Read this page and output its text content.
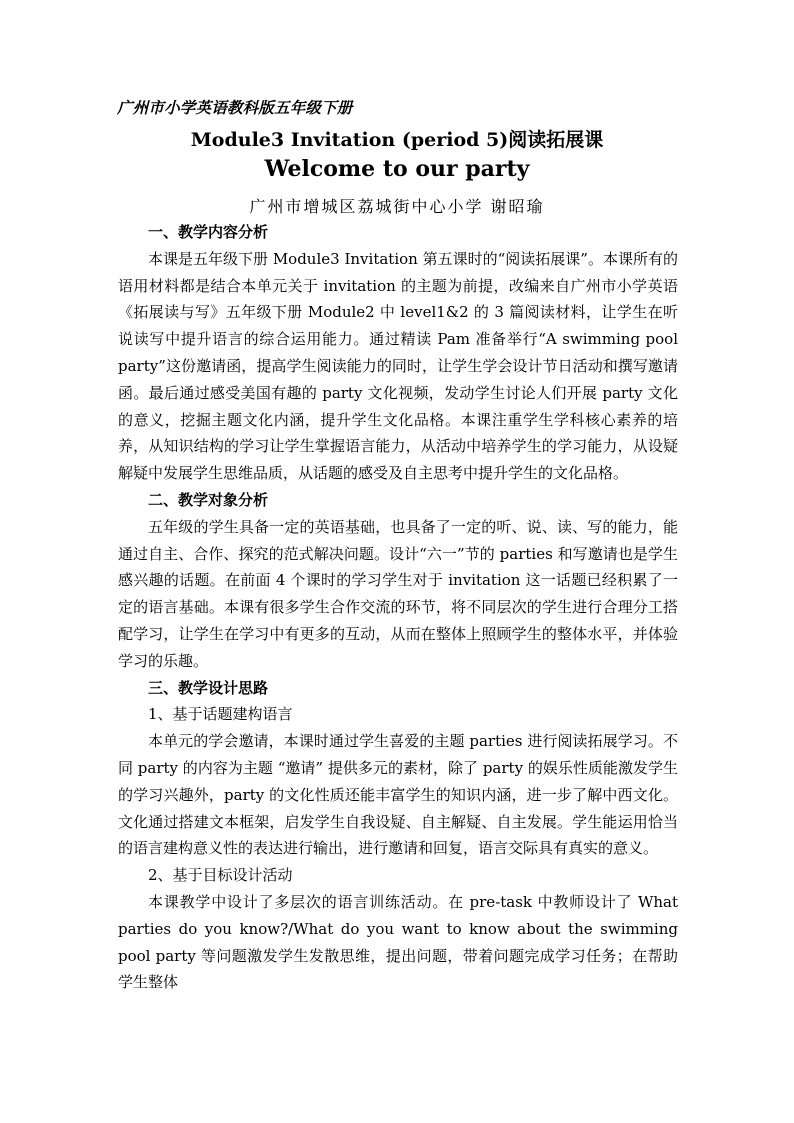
广州市小学英语教科版五年级下册
Module3 Invitation (period 5)阅读拓展课
Welcome to our party
广州市增城区荔城街中心小学 谢昭瑜

一、教学内容分析

本课是五年级下册 Module3 Invitation 第五课时的“阅读拓展课”。本课所有的语用材料都是结合本单元关于 invitation 的主题为前提，改编来自广州市小学英语《拓展读与写》五年级下册 Module2 中 level1&2 的 3 篇阅读材料，让学生在听说读写中提升语言的综合运用能力。通过精读 Pam 准备举行“A swimming pool party”这份邀请函，提高学生阅读能力的同时，让学生学会设计节日活动和撰写邀请函。最后通过感受美国有趣的 party 文化视频，发动学生讨论人们开展 party 文化的意义，挖掘主题文化内涵，提升学生文化品格。本课注重学生学科核心素养的培养，从知识结构的学习让学生掌握语言能力，从活动中培养学生的学习能力，从设疑解疑中发展学生思维品质，从话题的感受及自主思考中提升学生的文化品格。

二、教学对象分析

五年级的学生具备一定的英语基础，也具备了一定的听、说、读、写的能力，能通过自主、合作、探究的范式解决问题。设计“六一”节的 parties 和写邀请也是学生感兴趣的话题。在前面 4 个课时的学习学生对于 invitation 这一话题已经积累了一定的语言基础。本课有很多学生合作交流的环节，将不同层次的学生进行合理分工搭配学习，让学生在学习中有更多的互动，从而在整体上照顾学生的整体水平，并体验学习的乐趣。

三、教学设计思路

1、基于话题建构语言

本单元的学会邀请，本课时通过学生喜爱的主题 parties 进行阅读拓展学习。不同 party 的内容为主题 “邀请” 提供多元的素材，除了 party 的娱乐性质能激发学生的学习兴趣外，party 的文化性质还能丰富学生的知识内涵，进一步了解中西文化。文化通过搭建文本框架，启发学生自我设疑、自主解疑、自主发展。学生能运用恰当的语言建构意义性的表达进行输出，进行邀请和回复，语言交际具有真实的意义。

2、基于目标设计活动

本课教学中设计了多层次的语言训练活动。在 pre-task 中教师设计了 What parties do you know?/What do you want to know about the swimming pool party 等问题激发学生发散思维，提出问题，带着问题完成学习任务；在帮助学生整体
